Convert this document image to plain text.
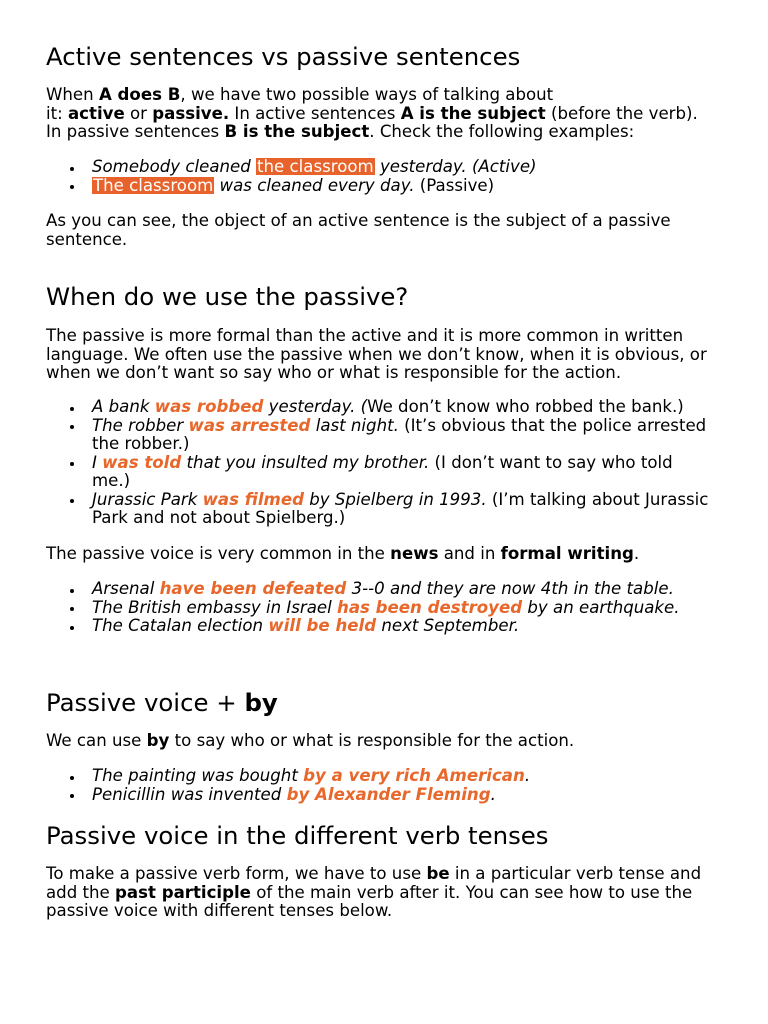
Active sentences vs passive sentences
When A does B, we have two possible ways of talking about
it: active or passive. In active sentences A is the subject (before the verb).
In passive sentences B is the subject. Check the following examples:
Somebody cleaned the classroom yesterday. (Active)
The classroom was cleaned every day. (Passive)
As you can see, the object of an active sentence is the subject of a passive
sentence.
When do we use the passive?
The passive is more formal than the active and it is more common in written
language. We often use the passive when we don’t know, when it is obvious, or
when we don’t want so say who or what is responsible for the action.
A bank was robbed yesterday. (We don’t know who robbed the bank.)
The robber was arrested last night. (It’s obvious that the police arrested
the robber.)
I was told that you insulted my brother. (I don’t want to say who told
me.)
Jurassic Park was filmed by Spielberg in 1993. (I’m talking about Jurassic
Park and not about Spielberg.)
The passive voice is very common in the news and in formal writing.
Arsenal have been defeated 3--0 and they are now 4th in the table.
The British embassy in Israel has been destroyed by an earthquake.
The Catalan election will be held next September.
Passive voice + by
We can use by to say who or what is responsible for the action.
The painting was bought by a very rich American.
Penicillin was invented by Alexander Fleming.
Passive voice in the different verb tenses
To make a passive verb form, we have to use be in a particular verb tense and
add the past participle of the main verb after it. You can see how to use the
passive voice with different tenses below.
